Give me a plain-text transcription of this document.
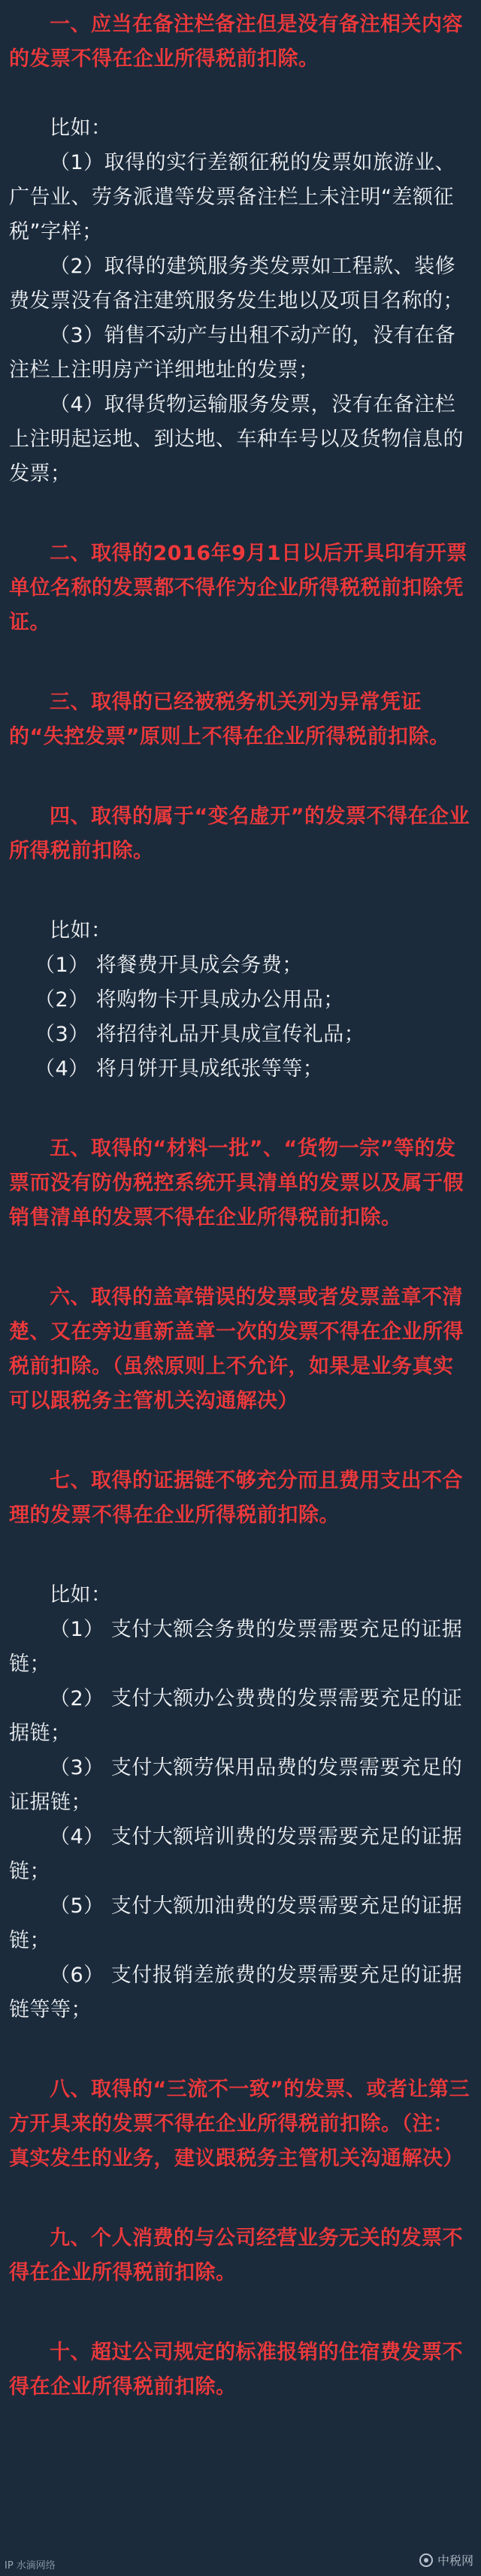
一、应当在备注栏备注但是没有备注相关内容的发票不得在企业所得税前扣除。

比如：

（1）取得的实行差额征税的发票如旅游业、广告业、劳务派遣等发票备注栏上未注明“差额征税”字样；

（2）取得的建筑服务类发票如工程款、装修费发票没有备注建筑服务发生地以及项目名称的；

（3）销售不动产与出租不动产的，没有在备注栏上注明房产详细地址的发票；

（4）取得货物运输服务发票，没有在备注栏上注明起运地、到达地、车种车号以及货物信息的发票；

二、取得的2016年9月1日以后开具印有开票单位名称的发票都不得作为企业所得税税前扣除凭证。

三、取得的已经被税务机关列为异常凭证的“失控发票”原则上不得在企业所得税前扣除。

四、取得的属于“变名虚开”的发票不得在企业所得税前扣除。

比如：

（1） 将餐费开具成会务费；

（2） 将购物卡开具成办公用品；

（3） 将招待礼品开具成宣传礼品；

（4） 将月饼开具成纸张等等；

五、取得的“材料一批”、“货物一宗”等的发票而没有防伪税控系统开具清单的发票以及属于假销售清单的发票不得在企业所得税前扣除。

六、取得的盖章错误的发票或者发票盖章不清楚、又在旁边重新盖章一次的发票不得在企业所得税前扣除。（虽然原则上不允许，如果是业务真实可以跟税务主管机关沟通解决）

七、取得的证据链不够充分而且费用支出不合理的发票不得在企业所得税前扣除。

比如：

（1） 支付大额会务费的发票需要充足的证据链；

（2） 支付大额办公费费的发票需要充足的证据链；

（3） 支付大额劳保用品费的发票需要充足的证据链；

（4） 支付大额培训费的发票需要充足的证据链；

（5） 支付大额加油费的发票需要充足的证据链；

（6） 支付报销差旅费的发票需要充足的证据链等等；

八、取得的“三流不一致”的发票、或者让第三方开具来的发票不得在企业所得税前扣除。（注：真实发生的业务，建议跟税务主管机关沟通解决）

九、个人消费的与公司经营业务无关的发票不得在企业所得税前扣除。

十、超过公司规定的标准报销的住宿费发票不得在企业所得税前扣除。

IP 水滴网络	中税网
